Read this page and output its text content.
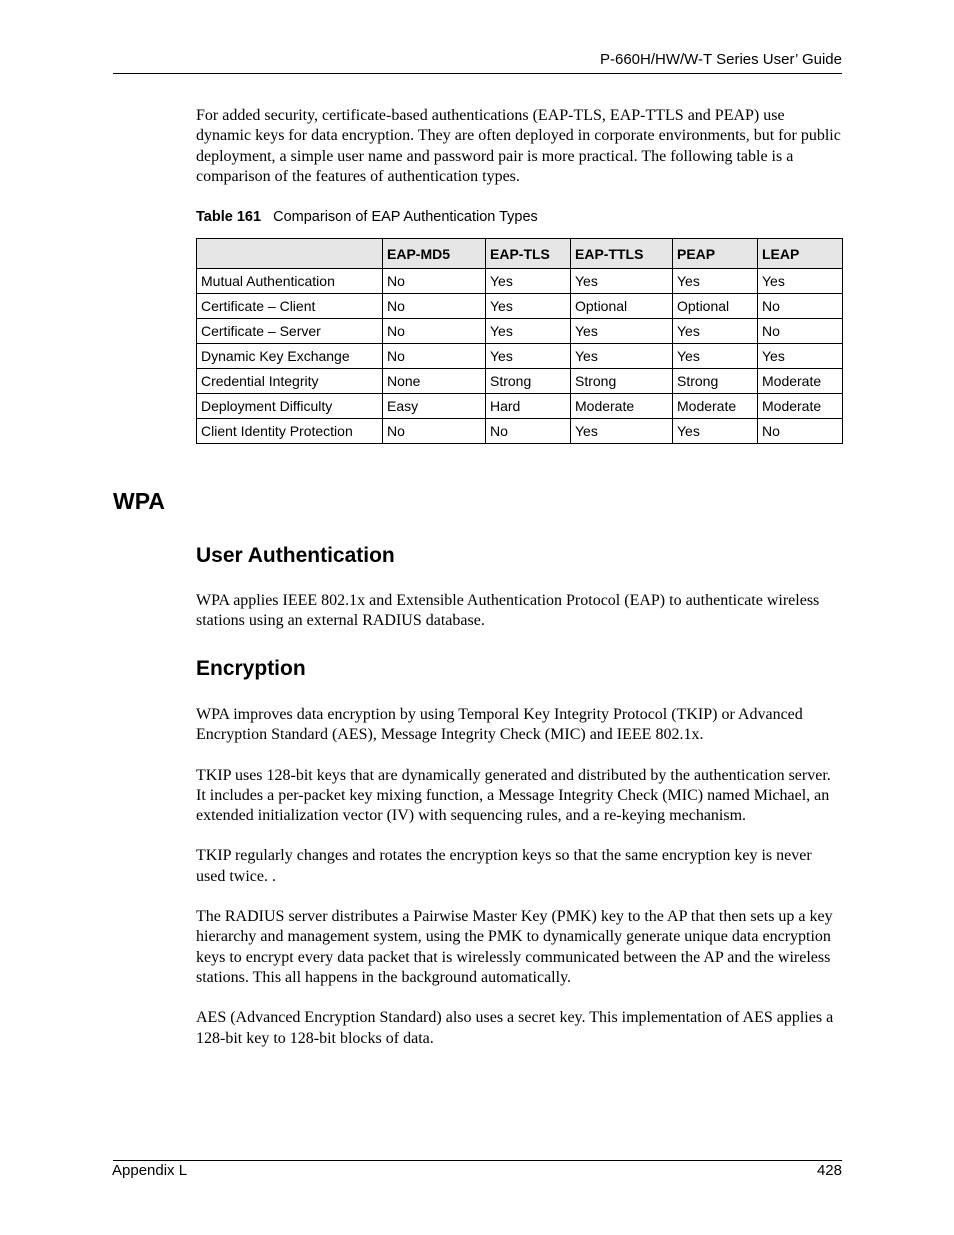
P-660H/HW/W-T Series User’ Guide

For added security, certificate-based authentications (EAP-TLS, EAP-TTLS and PEAP) use dynamic keys for data encryption. They are often deployed in corporate environments, but for public deployment, a simple user name and password pair is more practical. The following table is a comparison of the features of authentication types.

Table 161 Comparison of EAP Authentication Types
	EAP-MD5	EAP-TLS	EAP-TTLS	PEAP	LEAP
Mutual Authentication	No	Yes	Yes	Yes	Yes
Certificate – Client	No	Yes	Optional	Optional	No
Certificate – Server	No	Yes	Yes	Yes	No
Dynamic Key Exchange	No	Yes	Yes	Yes	Yes
Credential Integrity	None	Strong	Strong	Strong	Moderate
Deployment Difficulty	Easy	Hard	Moderate	Moderate	Moderate
Client Identity Protection	No	No	Yes	Yes	No
WPA
User Authentication

WPA applies IEEE 802.1x and Extensible Authentication Protocol (EAP) to authenticate wireless stations using an external RADIUS database.

Encryption

WPA improves data encryption by using Temporal Key Integrity Protocol (TKIP) or Advanced Encryption Standard (AES), Message Integrity Check (MIC) and IEEE 802.1x.

TKIP uses 128-bit keys that are dynamically generated and distributed by the authentication server. It includes a per-packet key mixing function, a Message Integrity Check (MIC) named Michael, an extended initialization vector (IV) with sequencing rules, and a re-keying mechanism.

TKIP regularly changes and rotates the encryption keys so that the same encryption key is never used twice. .

The RADIUS server distributes a Pairwise Master Key (PMK) key to the AP that then sets up a key hierarchy and management system, using the PMK to dynamically generate unique data encryption keys to encrypt every data packet that is wirelessly communicated between the AP and the wireless stations. This all happens in the background automatically.

AES (Advanced Encryption Standard) also uses a secret key. This implementation of AES applies a 128-bit key to 128-bit blocks of data.

Appendix L	428
